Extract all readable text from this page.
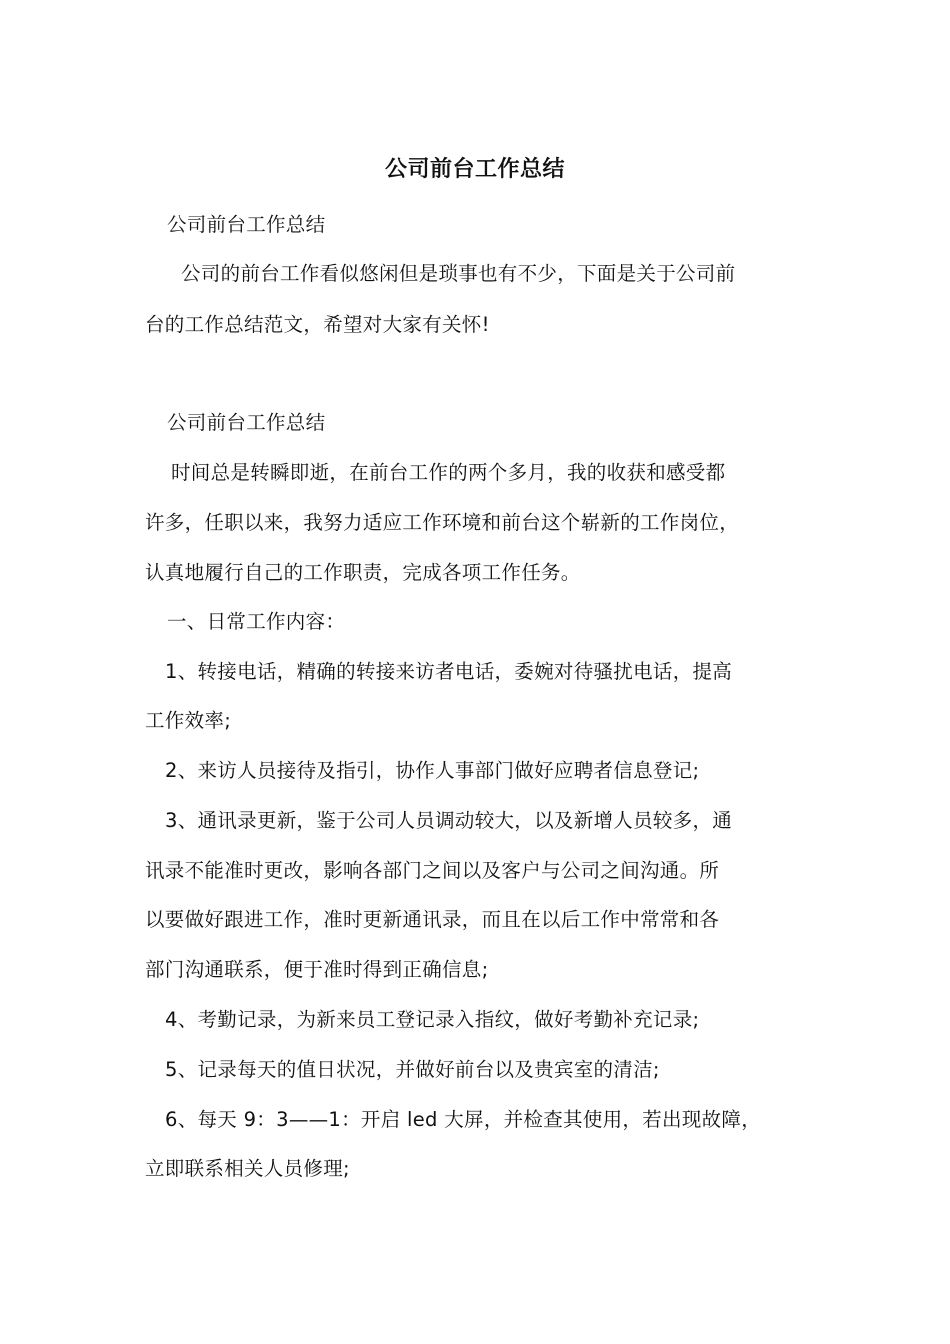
公司前台工作总结
公司前台工作总结
公司的前台工作看似悠闲但是琐事也有不少，下面是关于公司前
台的工作总结范文，希望对大家有关怀!
公司前台工作总结
时间总是转瞬即逝，在前台工作的两个多月，我的收获和感受都
许多，任职以来，我努力适应工作环境和前台这个崭新的工作岗位，
认真地履行自己的工作职责，完成各项工作任务。
一、日常工作内容：
1、转接电话，精确的转接来访者电话，委婉对待骚扰电话，提高
工作效率;
2、来访人员接待及指引，协作人事部门做好应聘者信息登记;
3、通讯录更新，鉴于公司人员调动较大，以及新增人员较多，通
讯录不能准时更改，影响各部门之间以及客户与公司之间沟通。所
以要做好跟进工作，准时更新通讯录，而且在以后工作中常常和各
部门沟通联系，便于准时得到正确信息;
4、考勤记录，为新来员工登记录入指纹，做好考勤补充记录;
5、记录每天的值日状况，并做好前台以及贵宾室的清洁;
6、每天 9：3——1：开启 led 大屏，并检查其使用，若出现故障，
立即联系相关人员修理;
